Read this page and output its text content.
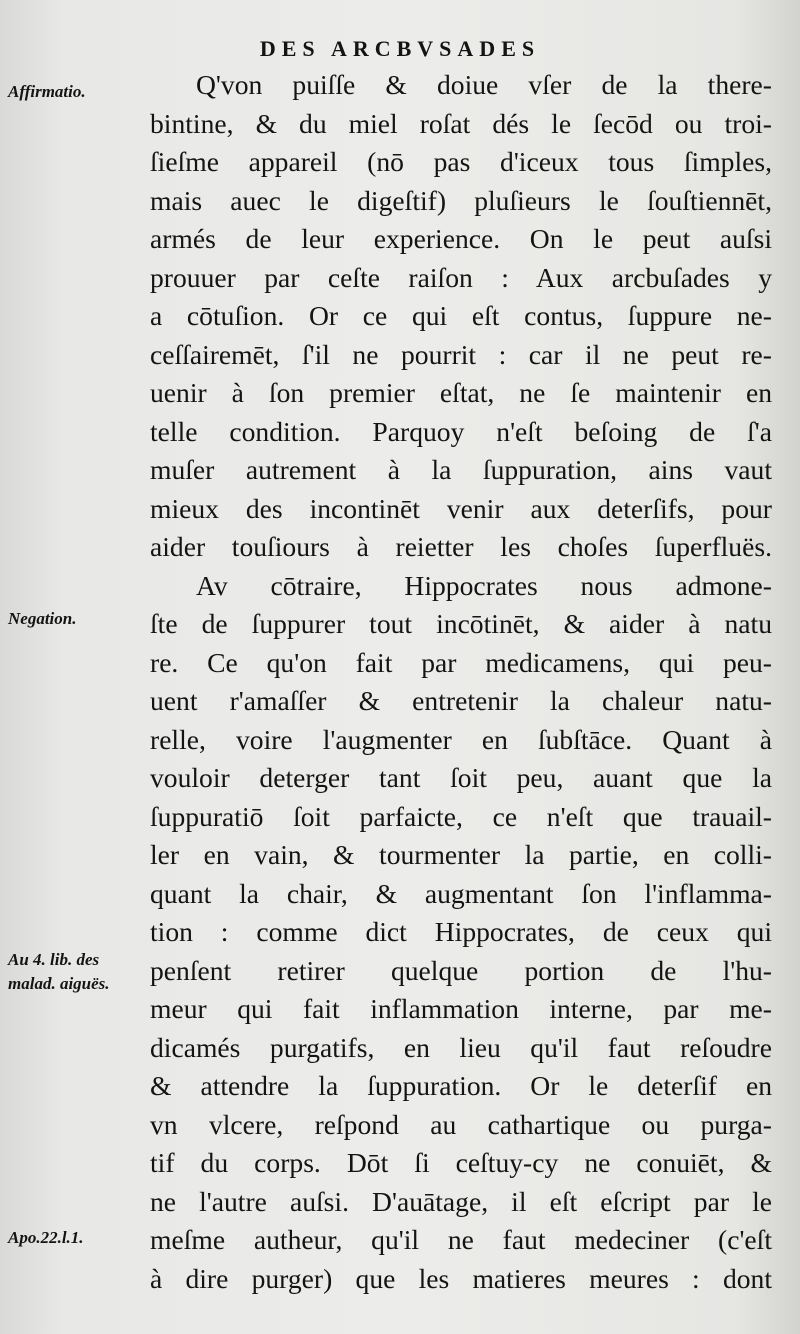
DES ARCBVSADES
Affirmatio.
Negation.
Au 4. lib. des malad. aiguës.
Apo.22.l.1.
Q'von puiſſe & doiue vſer de la there-
bintine, & du miel roſat dés le ſecōd ou troi-
ſieſme appareil (nō pas d'iceux tous ſimples,
mais auec le digeſtif) pluſieurs le ſouſtiennēt,
armés de leur experience. On le peut auſsi
prouuer par ceſte raiſon : Aux arcbuſades y
a cōtuſion. Or ce qui eſt contus, ſuppure ne-
ceſſairemēt, ſ'il ne pourrit : car il ne peut re-
uenir à ſon premier eſtat, ne ſe maintenir en
telle condition. Parquoy n'eſt beſoing de ſ'a
muſer autrement à la ſuppuration, ains vaut
mieux des incontinēt venir aux deterſifs, pour
aider touſiours à reietter les choſes ſuperfluës.
Av cōtraire, Hippocrates nous admone-
ſte de ſuppurer tout incōtinēt, & aider à natu
re. Ce qu'on fait par medicamens, qui peu-
uent r'amaſſer & entretenir la chaleur natu-
relle, voire l'augmenter en ſubſtāce. Quant à
vouloir deterger tant ſoit peu, auant que la
ſuppuratiō ſoit parfaicte, ce n'eſt que trauail-
ler en vain, & tourmenter la partie, en colli-
quant la chair, & augmentant ſon l'inflamma-
tion : comme dict Hippocrates, de ceux qui
penſent retirer quelque portion de l'hu-
meur qui fait inflammation interne, par me-
dicamés purgatifs, en lieu qu'il faut reſoudre
& attendre la ſuppuration. Or le deterſif en
vn vlcere, reſpond au cathartique ou purga-
tif du corps. Dōt ſi ceſtuy-cy ne conuiēt, &
ne l'autre auſsi. D'auātage, il eſt eſcript par le
meſme autheur, qu'il ne faut medeciner (c'eſt
à dire purger) que les matieres meures : dont
